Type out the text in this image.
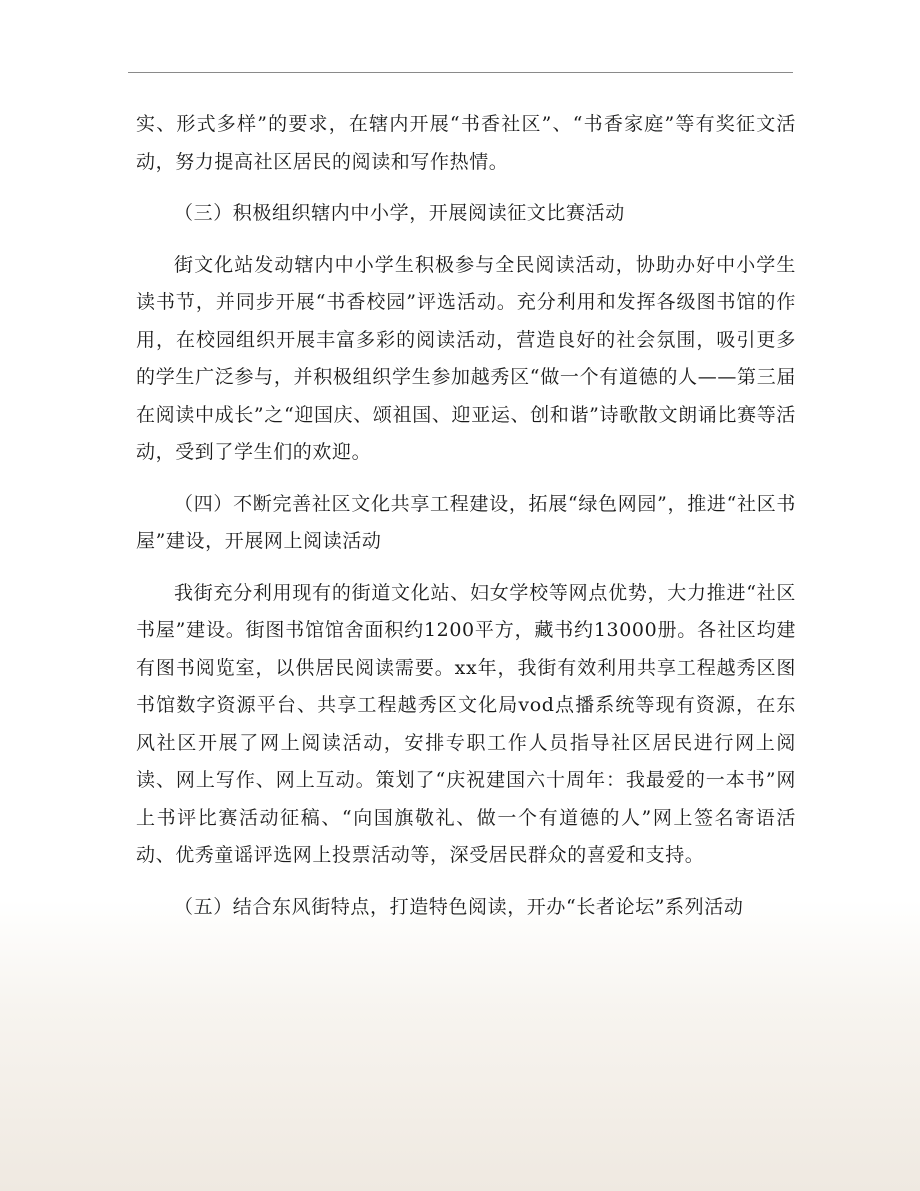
实、形式多样”的要求，在辖内开展“书香社区”、“书香家庭”等有奖征文活动，努力提高社区居民的阅读和写作热情。

（三）积极组织辖内中小学，开展阅读征文比赛活动

街文化站发动辖内中小学生积极参与全民阅读活动，协助办好中小学生读书节，并同步开展“书香校园”评选活动。充分利用和发挥各级图书馆的作用，在校园组织开展丰富多彩的阅读活动，营造良好的社会氛围，吸引更多的学生广泛参与，并积极组织学生参加越秀区“做一个有道德的人——第三届在阅读中成长”之“迎国庆、颂祖国、迎亚运、创和谐”诗歌散文朗诵比赛等活动，受到了学生们的欢迎。

（四）不断完善社区文化共享工程建设，拓展“绿色网园”，推进“社区书屋”建设，开展网上阅读活动

我街充分利用现有的街道文化站、妇女学校等网点优势，大力推进“社区书屋”建设。街图书馆馆舍面积约1200平方，藏书约13000册。各社区均建有图书阅览室，以供居民阅读需要。xx年，我街有效利用共享工程越秀区图书馆数字资源平台、共享工程越秀区文化局vod点播系统等现有资源，在东风社区开展了网上阅读活动，安排专职工作人员指导社区居民进行网上阅读、网上写作、网上互动。策划了“庆祝建国六十周年：我最爱的一本书”网上书评比赛活动征稿、“向国旗敬礼、做一个有道德的人”网上签名寄语活动、优秀童谣评选网上投票活动等，深受居民群众的喜爱和支持。

（五）结合东风街特点，打造特色阅读，开办“长者论坛”系列活动
